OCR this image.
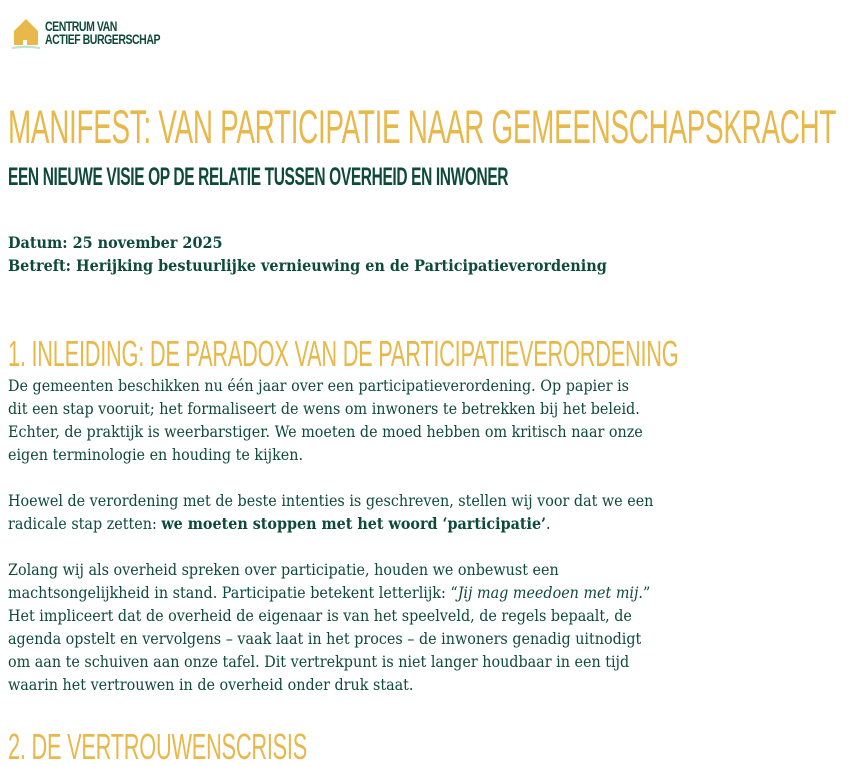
CENTRUM VAN
ACTIEF BURGERSCHAP
MANIFEST: VAN PARTICIPATIE NAAR GEMEENSCHAPSKRACHT
EEN NIEUWE VISIE OP DE RELATIE TUSSEN OVERHEID EN INWONER
Datum: 25 november 2025
Betreft: Herijking bestuurlijke vernieuwing en de Participatieverordening
1. INLEIDING: DE PARADOX VAN DE PARTICIPATIEVERORDENING
De gemeenten beschikken nu één jaar over een participatieverordening. Op papier is
dit een stap vooruit; het formaliseert de wens om inwoners te betrekken bij het beleid.
Echter, de praktijk is weerbarstiger. We moeten de moed hebben om kritisch naar onze
eigen terminologie en houding te kijken.
Hoewel de verordening met de beste intenties is geschreven, stellen wij voor dat we een
radicale stap zetten: we moeten stoppen met het woord ‘participatie’.
Zolang wij als overheid spreken over participatie, houden we onbewust een
machtsongelijkheid in stand. Participatie betekent letterlijk: “Jij mag meedoen met mij.”
Het impliceert dat de overheid de eigenaar is van het speelveld, de regels bepaalt, de
agenda opstelt en vervolgens – vaak laat in het proces – de inwoners genadig uitnodigt
om aan te schuiven aan onze tafel. Dit vertrekpunt is niet langer houdbaar in een tijd
waarin het vertrouwen in de overheid onder druk staat.
2. DE VERTROUWENSCRISIS
